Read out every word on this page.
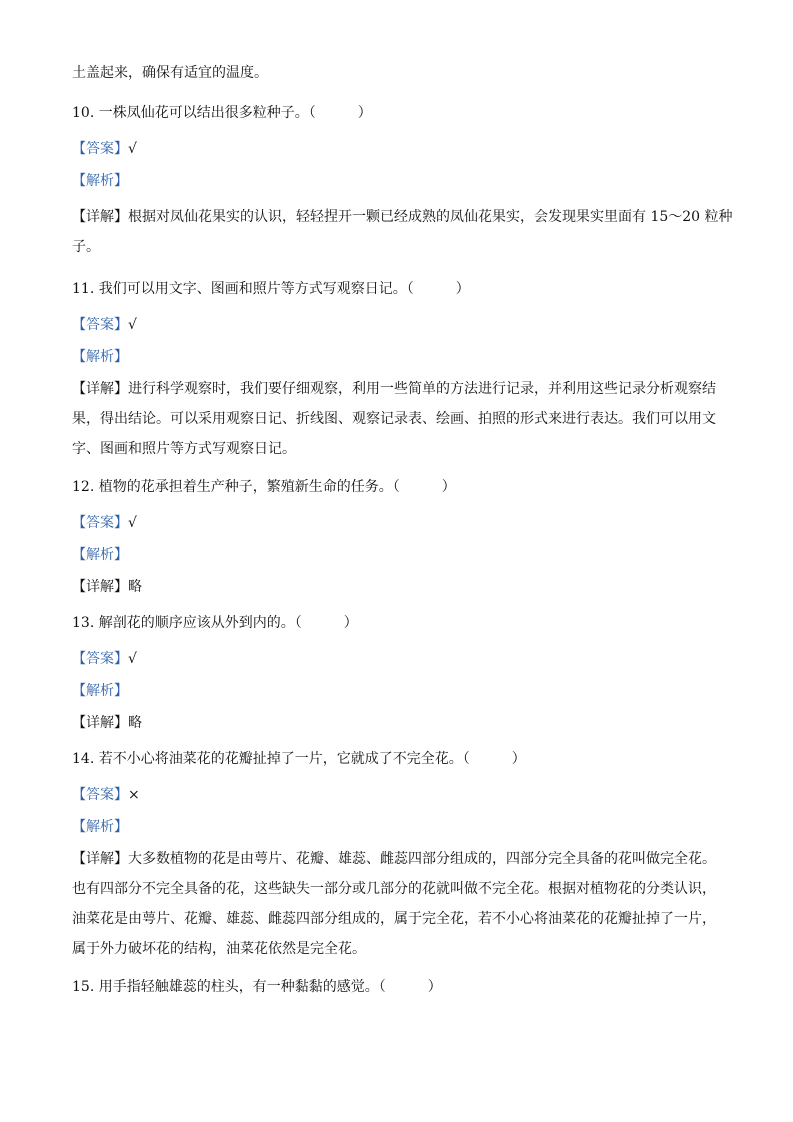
土盖起来，确保有适宜的温度。
10. 一株凤仙花可以结出很多粒种子。（　　　）
【答案】√
【解析】
【详解】根据对凤仙花果实的认识，轻轻捏开一颗已经成熟的凤仙花果实，会发现果实里面有 15～20 粒种
子。
11. 我们可以用文字、图画和照片等方式写观察日记。（　　　）
【答案】√
【解析】
【详解】进行科学观察时，我们要仔细观察，利用一些简单的方法进行记录，并利用这些记录分析观察结
果，得出结论。可以采用观察日记、折线图、观察记录表、绘画、拍照的形式来进行表达。我们可以用文
字、图画和照片等方式写观察日记。
12. 植物的花承担着生产种子，繁殖新生命的任务。（　　　）
【答案】√
【解析】
【详解】略
13. 解剖花的顺序应该从外到内的。（　　　）
【答案】√
【解析】
【详解】略
14. 若不小心将油菜花的花瓣扯掉了一片，它就成了不完全花。（　　　）
【答案】×
【解析】
【详解】大多数植物的花是由萼片、花瓣、雄蕊、雌蕊四部分组成的，四部分完全具备的花叫做完全花。
也有四部分不完全具备的花，这些缺失一部分或几部分的花就叫做不完全花。根据对植物花的分类认识，
油菜花是由萼片、花瓣、雄蕊、雌蕊四部分组成的，属于完全花，若不小心将油菜花的花瓣扯掉了一片，
属于外力破坏花的结构，油菜花依然是完全花。
15. 用手指轻触雄蕊的柱头，有一种黏黏的感觉。（　　　）
